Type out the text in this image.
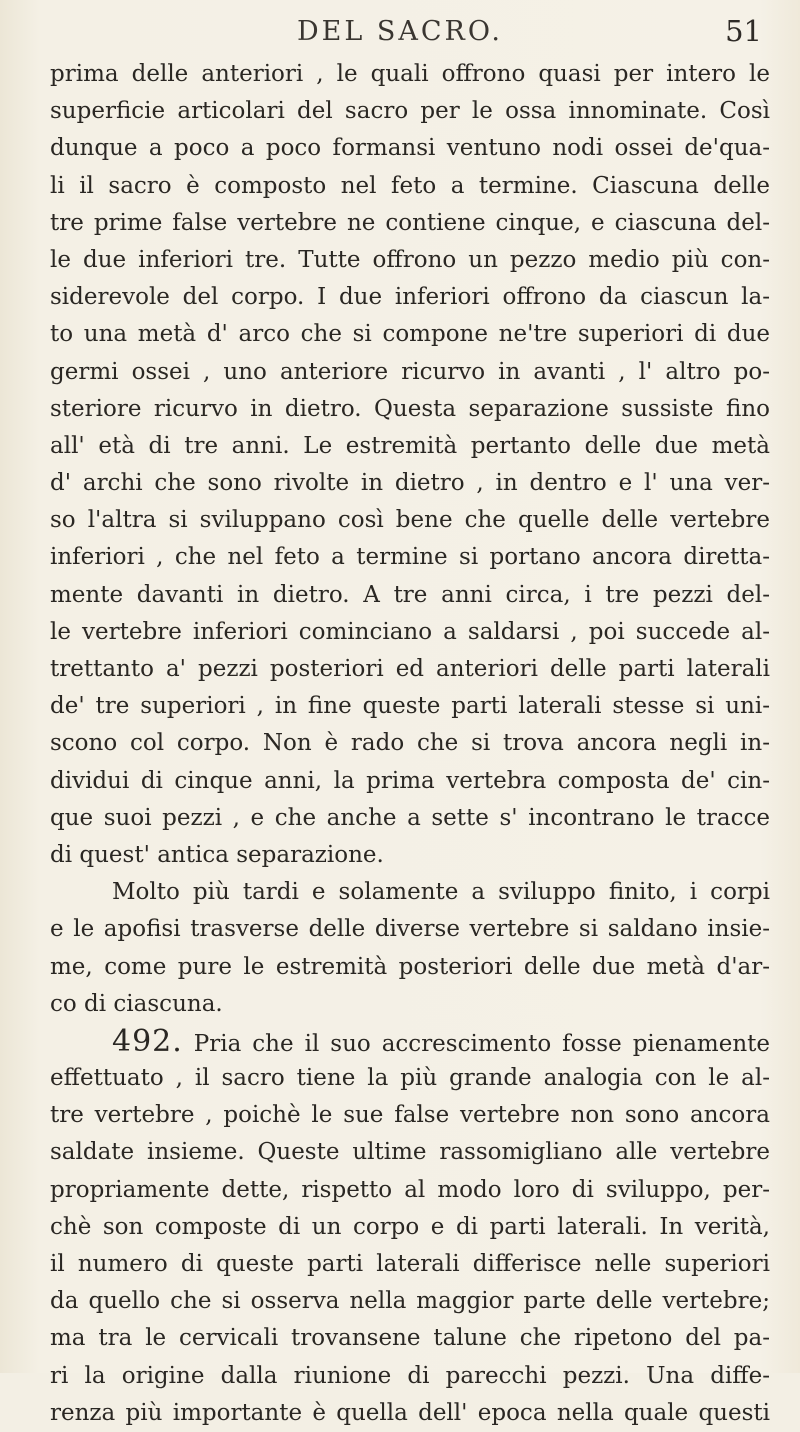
DEL SACRO.	51
prima delle anteriori , le quali offrono quasi per intero le
superficie articolari del sacro per le ossa innominate. Così
dunque a poco a poco formansi ventuno nodi ossei de'qua-
li il sacro è composto nel feto a termine. Ciascuna delle
tre prime false vertebre ne contiene cinque, e ciascuna del-
le due inferiori tre. Tutte offrono un pezzo medio più con-
siderevole del corpo. I due inferiori offrono da ciascun la-
to una metà d' arco che si compone ne'tre superiori di due
germi ossei , uno anteriore ricurvo in avanti , l' altro po-
steriore ricurvo in dietro. Questa separazione sussiste fino
all' età di tre anni. Le estremità pertanto delle due metà
d' archi che sono rivolte in dietro , in dentro e l' una ver-
so l'altra si sviluppano così bene che quelle delle vertebre
inferiori , che nel feto a termine si portano ancora diretta-
mente davanti in dietro. A tre anni circa, i tre pezzi del-
le vertebre inferiori cominciano a saldarsi , poi succede al-
trettanto a' pezzi posteriori ed anteriori delle parti laterali
de' tre superiori , in fine queste parti laterali stesse si uni-
scono col corpo. Non è rado che si trova ancora negli in-
dividui di cinque anni, la prima vertebra composta de' cin-
que suoi pezzi , e che anche a sette s' incontrano le tracce
di quest' antica separazione.
Molto più tardi e solamente a sviluppo finito, i corpi
e le apofisi trasverse delle diverse vertebre si saldano insie-
me, come pure le estremità posteriori delle due metà d'ar-
co di ciascuna.
492. Pria che il suo accrescimento fosse pienamente
effettuato , il sacro tiene la più grande analogia con le al-
tre vertebre , poichè le sue false vertebre non sono ancora
saldate insieme. Queste ultime rassomigliano alle vertebre
propriamente dette, rispetto al modo loro di sviluppo, per-
chè son composte di un corpo e di parti laterali. In verità,
il numero di queste parti laterali differisce nelle superiori
da quello che si osserva nella maggior parte delle vertebre;
ma tra le cervicali trovansene talune che ripetono del pa-
ri la origine dalla riunione di parecchi pezzi. Una diffe-
renza più importante è quella dell' epoca nella quale questi
